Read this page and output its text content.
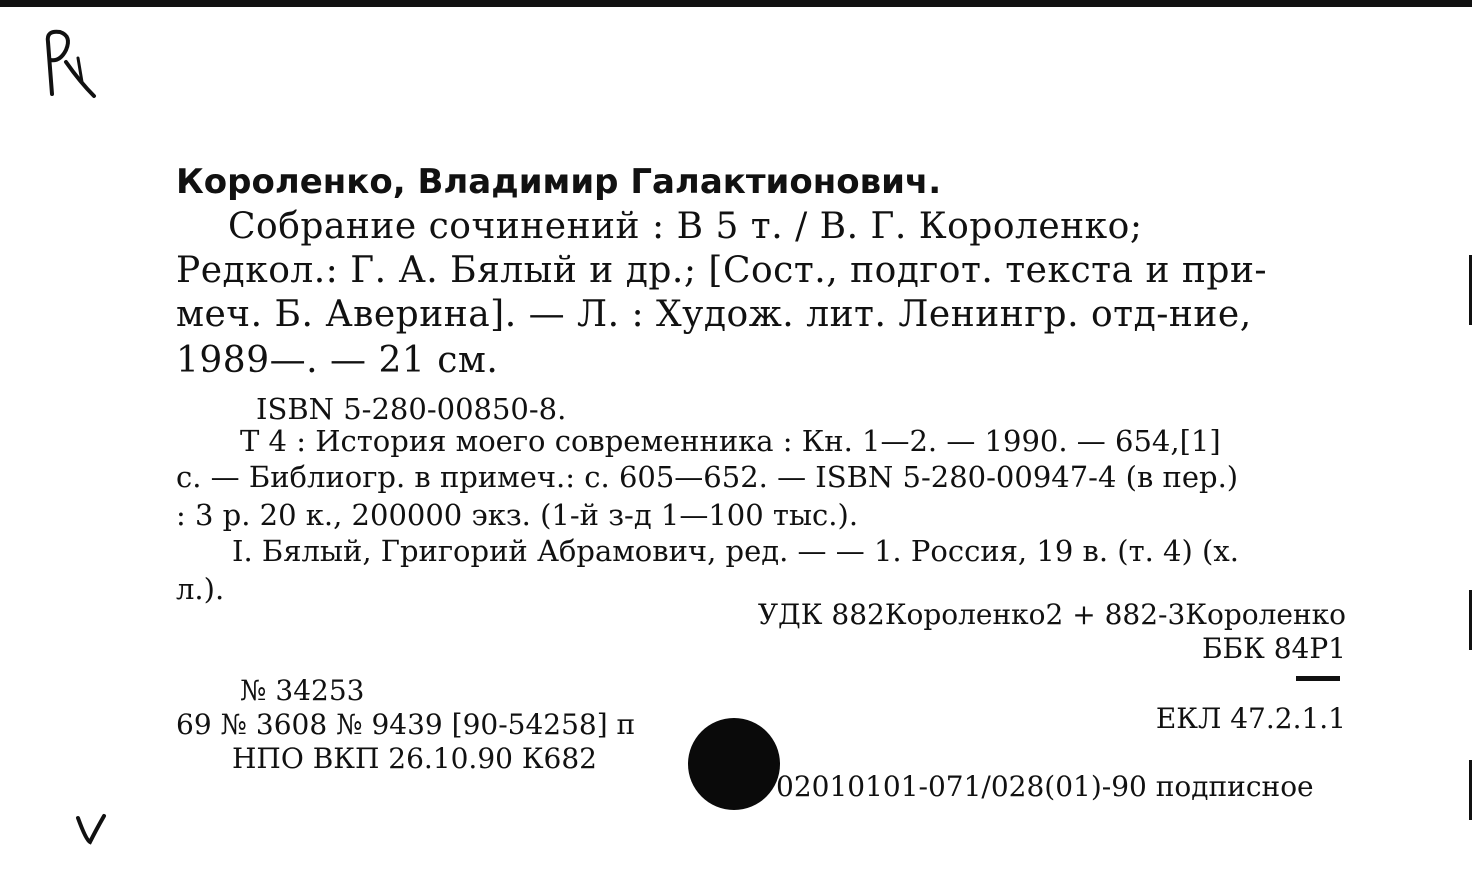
Короленко, Владимир Галактионович.
Собрание сочинений : В 5 т. / В. Г. Короленко;
Редкол.: Г. А. Бялый и др.; [Сост., подгот. текста и при-
меч. Б. Аверина]. — Л. : Худож. лит. Ленингр. отд-ние,
1989—. — 21 см.
ISBN 5-280-00850-8.
Т 4 : История моего современника : Кн. 1—2. — 1990. — 654,[1]
с. — Библиогр. в примеч.: с. 605—652. — ISBN 5-280-00947-4 (в пер.)
: 3 р. 20 к., 200000 экз. (1-й з-д 1—100 тыс.).
I. Бялый, Григорий Абрамович, ред. — — 1. Россия, 19 в. (т. 4) (х.
л.).
УДК 882Короленко2 + 882-3Короленко
ББК 84Р1
№ 34253
69 № 3608 № 9439 [90-54258] п
НПО ВКП 26.10.90 К682
ЕКЛ 47.2.1.1
02010101-071/028(01)-90 подписное
